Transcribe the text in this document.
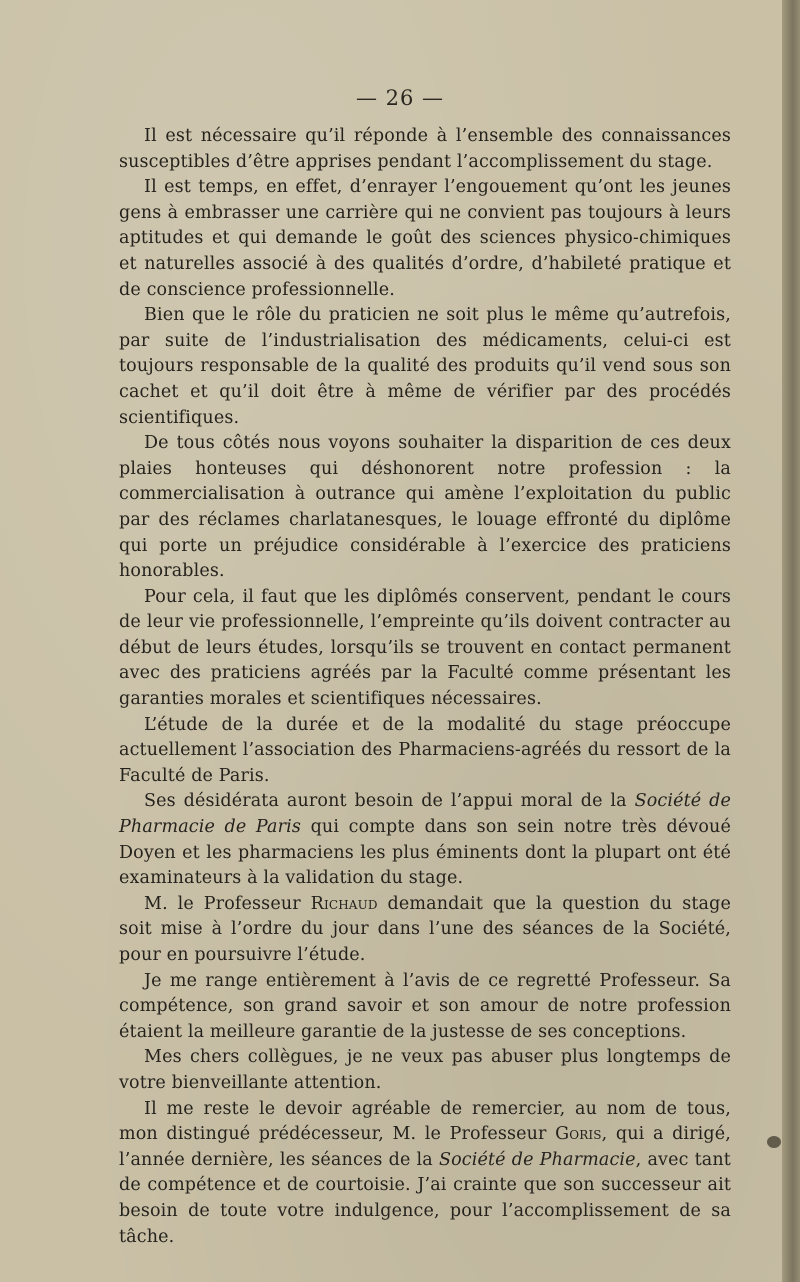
— 26 —

Il est nécessaire qu’il réponde à l’ensemble des connaissances susceptibles d’être apprises pendant l’accomplissement du stage.

Il est temps, en effet, d’enrayer l’engouement qu’ont les jeunes gens à embrasser une carrière qui ne convient pas toujours à leurs aptitudes et qui demande le goût des sciences physico-chimiques et naturelles associé à des qualités d’ordre, d’habileté pratique et de conscience professionnelle.

Bien que le rôle du praticien ne soit plus le même qu’autrefois, par suite de l’industrialisation des médicaments, celui-ci est toujours responsable de la qualité des produits qu’il vend sous son cachet et qu’il doit être à même de vérifier par des procédés scientifiques.

De tous côtés nous voyons souhaiter la disparition de ces deux plaies honteuses qui déshonorent notre profession : la commercialisation à outrance qui amène l’exploitation du public par des réclames charlatanesques, le louage effronté du diplôme qui porte un préjudice considérable à l’exercice des praticiens honorables.

Pour cela, il faut que les diplômés conservent, pendant le cours de leur vie professionnelle, l’empreinte qu’ils doivent contracter au début de leurs études, lorsqu’ils se trouvent en contact permanent avec des praticiens agréés par la Faculté comme présentant les garanties morales et scientifiques nécessaires.

L’étude de la durée et de la modalité du stage préoccupe actuellement l’association des Pharmaciens-agréés du ressort de la Faculté de Paris.

Ses désidérata auront besoin de l’appui moral de la Société de Pharmacie de Paris qui compte dans son sein notre très dévoué Doyen et les pharmaciens les plus éminents dont la plupart ont été examinateurs à la validation du stage.

M. le Professeur Richaud demandait que la question du stage soit mise à l’ordre du jour dans l’une des séances de la Société, pour en poursuivre l’étude.

Je me range entièrement à l’avis de ce regretté Professeur. Sa compétence, son grand savoir et son amour de notre profession étaient la meilleure garantie de la justesse de ses conceptions.

Mes chers collègues, je ne veux pas abuser plus longtemps de votre bienveillante attention.

Il me reste le devoir agréable de remercier, au nom de tous, mon distingué prédécesseur, M. le Professeur Goris, qui a dirigé, l’année dernière, les séances de la Société de Pharmacie, avec tant de compétence et de courtoisie. J’ai crainte que son successeur ait besoin de toute votre indulgence, pour l’accomplissement de sa tâche.
